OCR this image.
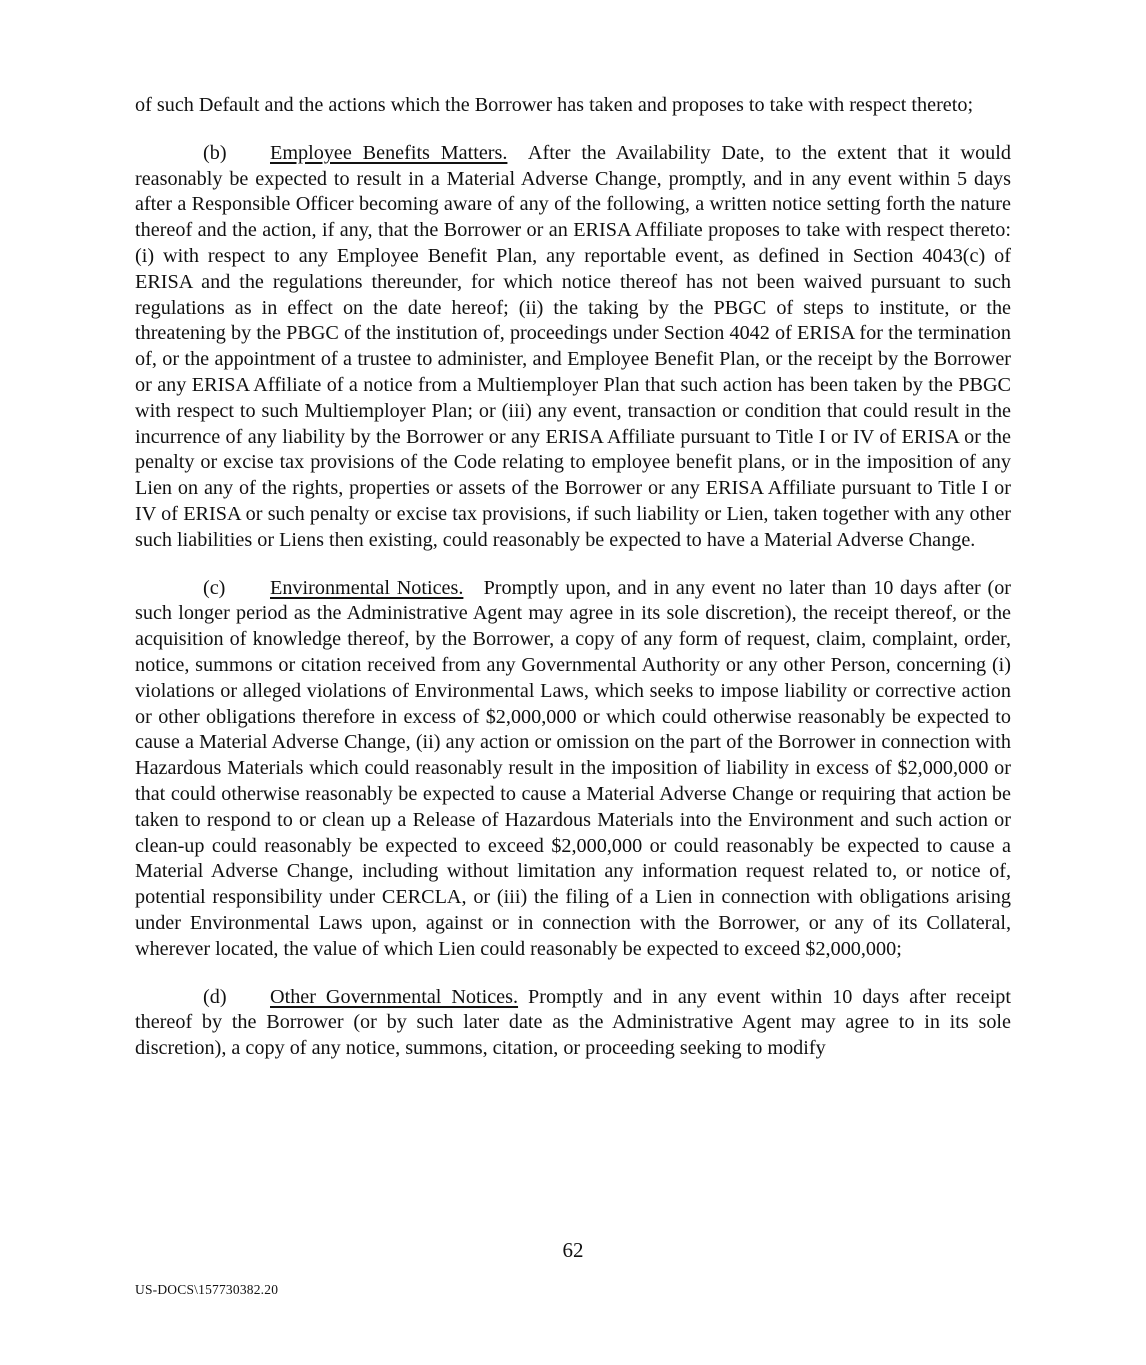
of such Default and the actions which the Borrower has taken and proposes to take with respect thereto;

(b) Employee Benefits Matters. After the Availability Date, to the extent that it would reasonably be expected to result in a Material Adverse Change, promptly, and in any event within 5 days after a Responsible Officer becoming aware of any of the following, a written notice setting forth the nature thereof and the action, if any, that the Borrower or an ERISA Affiliate proposes to take with respect thereto: (i) with respect to any Employee Benefit Plan, any reportable event, as defined in Section 4043(c) of ERISA and the regulations thereunder, for which notice thereof has not been waived pursuant to such regulations as in effect on the date hereof; (ii) the taking by the PBGC of steps to institute, or the threatening by the PBGC of the institution of, proceedings under Section 4042 of ERISA for the termination of, or the appointment of a trustee to administer, and Employee Benefit Plan, or the receipt by the Borrower or any ERISA Affiliate of a notice from a Multiemployer Plan that such action has been taken by the PBGC with respect to such Multiemployer Plan; or (iii) any event, transaction or condition that could result in the incurrence of any liability by the Borrower or any ERISA Affiliate pursuant to Title I or IV of ERISA or the penalty or excise tax provisions of the Code relating to employee benefit plans, or in the imposition of any Lien on any of the rights, properties or assets of the Borrower or any ERISA Affiliate pursuant to Title I or IV of ERISA or such penalty or excise tax provisions, if such liability or Lien, taken together with any other such liabilities or Liens then existing, could reasonably be expected to have a Material Adverse Change.

(c) Environmental Notices. Promptly upon, and in any event no later than 10 days after (or such longer period as the Administrative Agent may agree in its sole discretion), the receipt thereof, or the acquisition of knowledge thereof, by the Borrower, a copy of any form of request, claim, complaint, order, notice, summons or citation received from any Governmental Authority or any other Person, concerning (i) violations or alleged violations of Environmental Laws, which seeks to impose liability or corrective action or other obligations therefore in excess of $2,000,000 or which could otherwise reasonably be expected to cause a Material Adverse Change, (ii) any action or omission on the part of the Borrower in connection with Hazardous Materials which could reasonably result in the imposition of liability in excess of $2,000,000 or that could otherwise reasonably be expected to cause a Material Adverse Change or requiring that action be taken to respond to or clean up a Release of Hazardous Materials into the Environment and such action or clean-up could reasonably be expected to exceed $2,000,000 or could reasonably be expected to cause a Material Adverse Change, including without limitation any information request related to, or notice of, potential responsibility under CERCLA, or (iii) the filing of a Lien in connection with obligations arising under Environmental Laws upon, against or in connection with the Borrower, or any of its Collateral, wherever located, the value of which Lien could reasonably be expected to exceed $2,000,000;

(d) Other Governmental Notices. Promptly and in any event within 10 days after receipt thereof by the Borrower (or by such later date as the Administrative Agent may agree to in its sole discretion), a copy of any notice, summons, citation, or proceeding seeking to modify

62
US-DOCS\157730382.20
